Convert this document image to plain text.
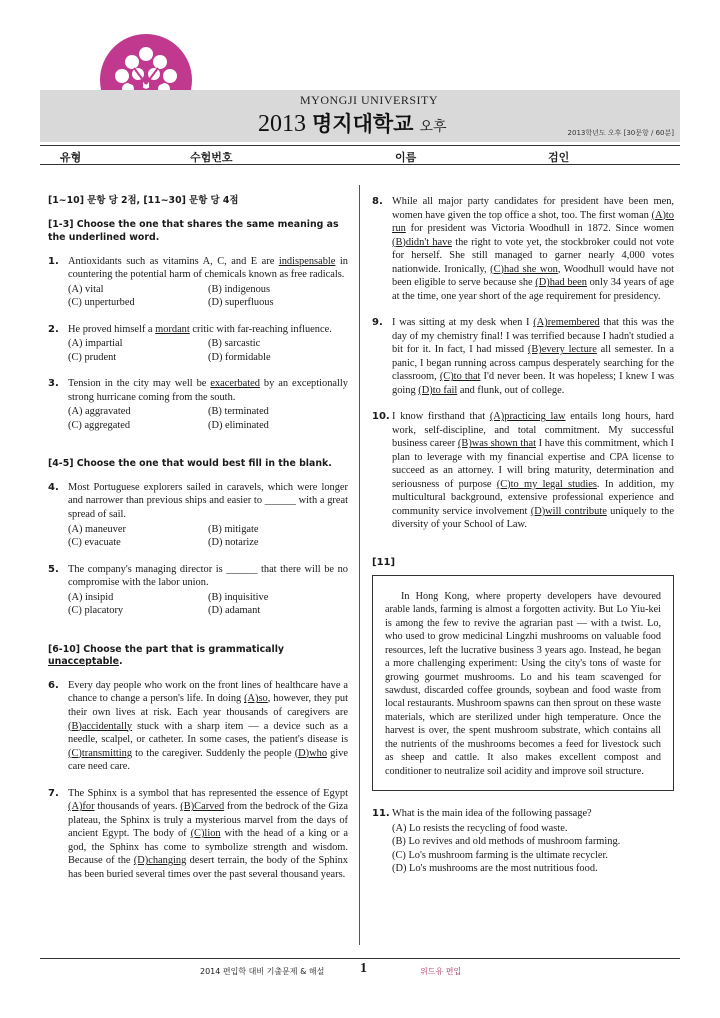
MYONGJI UNIVERSITY
2013 명지대학교 오후	2013학년도 오후 [30문항 / 60분]
유형	수험번호	이름	검인
[1~10] 문항 당 2점, [11~30] 문항 당 4점
[1-3] Choose the one that shares the same meaning as the underlined word.
1. Antioxidants such as vitamins A, C, and E are indispensable in countering the potential harm of chemicals known as free radicals.
(A) vital	(B) indigenous
(C) unperturbed	(D) superfluous
2. He proved himself a mordant critic with far-reaching influence.
(A) impartial	(B) sarcastic
(C) prudent	(D) formidable
3. Tension in the city may well be exacerbated by an exceptionally strong hurricane coming from the south.
(A) aggravated	(B) terminated
(C) aggregated	(D) eliminated
[4-5] Choose the one that would best fill in the blank.
4. Most Portuguese explorers sailed in caravels, which were longer and narrower than previous ships and easier to ______ with a great spread of sail.
(A) maneuver	(B) mitigate
(C) evacuate	(D) notarize
5. The company's managing director is ______ that there will be no compromise with the labor union.
(A) insipid	(B) inquisitive
(C) placatory	(D) adamant
[6-10] Choose the part that is grammatically unacceptable.
6. Every day people who work on the front lines of healthcare have a chance to change a person's life. In doing (A)so, however, they put their own lives at risk. Each year thousands of caregivers are (B)accidentally stuck with a sharp item — a device such as a needle, scalpel, or catheter. In some cases, the patient's disease is (C)transmitting to the caregiver. Suddenly the people (D)who give care need care.
7. The Sphinx is a symbol that has represented the essence of Egypt (A)for thousands of years. (B)Carved from the bedrock of the Giza plateau, the Sphinx is truly a mysterious marvel from the days of ancient Egypt. The body of (C)lion with the head of a king or a god, the Sphinx has come to symbolize strength and wisdom. Because of the (D)changing desert terrain, the body of the Sphinx has been buried several times over the past several thousand years.
8. While all major party candidates for president have been men, women have given the top office a shot, too. The first woman (A)to run for president was Victoria Woodhull in 1872. Since women (B)didn't have the right to vote yet, the stockbroker could not vote for herself. She still managed to garner nearly 4,000 votes nationwide. Ironically, (C)had she won, Woodhull would have not been eligible to serve because she (D)had been only 34 years of age at the time, one year short of the age requirement for presidency.
9. I was sitting at my desk when I (A)remembered that this was the day of my chemistry final! I was terrified because I hadn't studied a bit for it. In fact, I had missed (B)every lecture all semester. In a panic, I began running across campus desperately searching for the classroom, (C)to that I'd never been. It was hopeless; I knew I was going (D)to fail and flunk, out of college.
10. I know firsthand that (A)practicing law entails long hours, hard work, self-discipline, and total commitment. My successful business career (B)was shown that I have this commitment, which I plan to leverage with my financial expertise and CPA license to succeed as an attorney. I will bring maturity, determination and seriousness of purpose (C)to my legal studies. In addition, my multicultural background, extensive professional experience and community service involvement (D)will contribute uniquely to the diversity of your School of Law.
[11]

In Hong Kong, where property developers have devoured arable lands, farming is almost a forgotten activity. But Lo Yiu-kei is among the few to revive the agrarian past — with a twist. Lo, who used to grow medicinal Lingzhi mushrooms on valuable food resources, left the lucrative business 3 years ago. Instead, he began a more challenging experiment: Using the city's tons of waste for growing gourmet mushrooms. Lo and his team scavenged for sawdust, discarded coffee grounds, soybean and food waste from local restaurants. Mushroom spawns can then sprout on these waste materials, which are sterilized under high temperature. Once the harvest is over, the spent mushroom substrate, which contains all the nutrients of the mushrooms becomes a feed for livestock such as sheep and cattle. It also makes excellent compost and conditioner to neutralize soil acidity and improve soil structure.

11. What is the main idea of the following passage?
(A) Lo resists the recycling of food waste.
(B) Lo revives and old methods of mushroom farming.
(C) Lo's mushroom farming is the ultimate recycler.
(D) Lo's mushrooms are the most nutritious food.
2014 편입학 대비 기출문제 & 해설	1	위드유 편입
